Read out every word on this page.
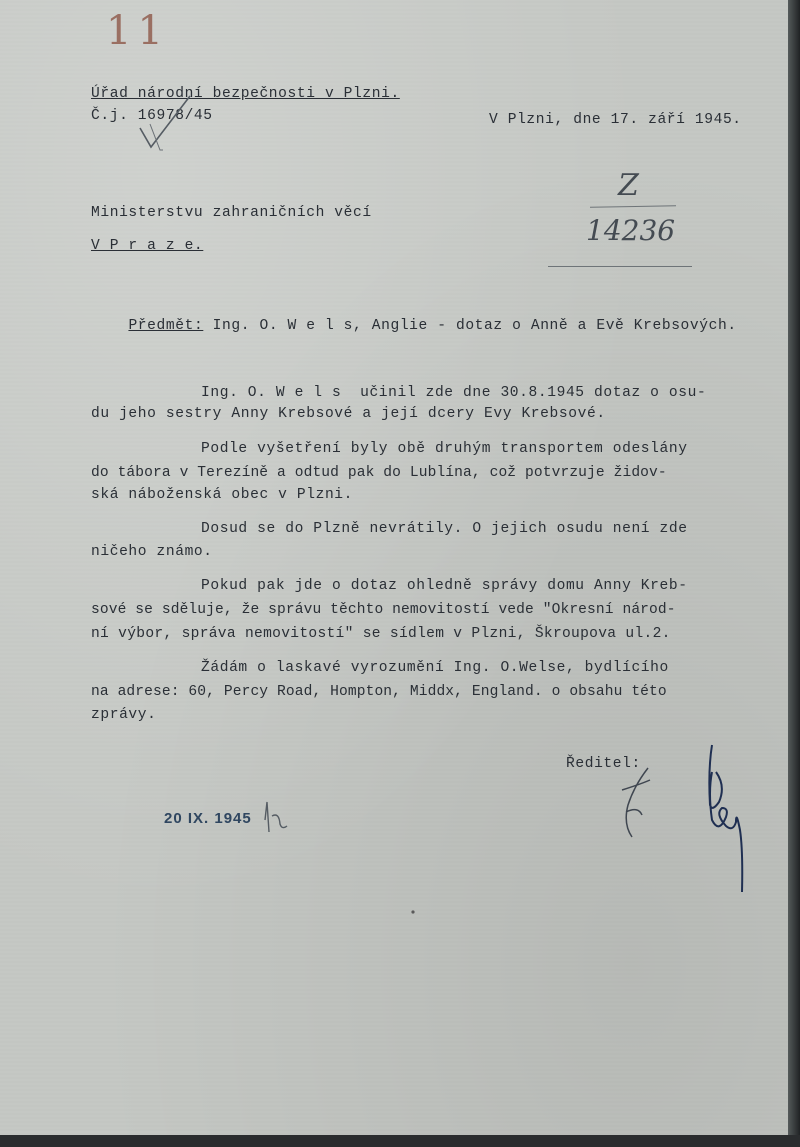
11
Úřad národní bezpečnosti v Plzni.
Č.j. 16978/45	V Plzni, dne 17. září 1945.
Z
14236
Ministerstvu zahraničních věcí
V P r a z e.

Předmět: Ing. O. W e l s, Anglie - dotaz o Anně a Evě Krebsových.

Ing. O. W e l s  učinil zde dne 30.8.1945 dotaz o osu-
du jeho sestry Anny Krebsové a její dcery Evy Krebsové.
Podle vyšetření byly obě druhým transportem odeslány
do tábora v Terezíně a odtud pak do Lublína, což potvrzuje židov-
ská náboženská obec v Plzni.
Dosud se do Plzně nevrátily. O jejich osudu není zde
ničeho známo.
Pokud pak jde o dotaz ohledně správy domu Anny Kreb-
sové se sděluje, že správu těchto nemovitostí vede "Okresní národ-
ní výbor, správa nemovitostí" se sídlem v Plzni, Škroupova ul.2.
Žádám o laskavé vyrozumění Ing. O.Welse, bydlícího
na adrese: 60, Percy Road, Hompton, Middx, England. o obsahu této
zprávy.
Ředitel:
20 IX. 1945
